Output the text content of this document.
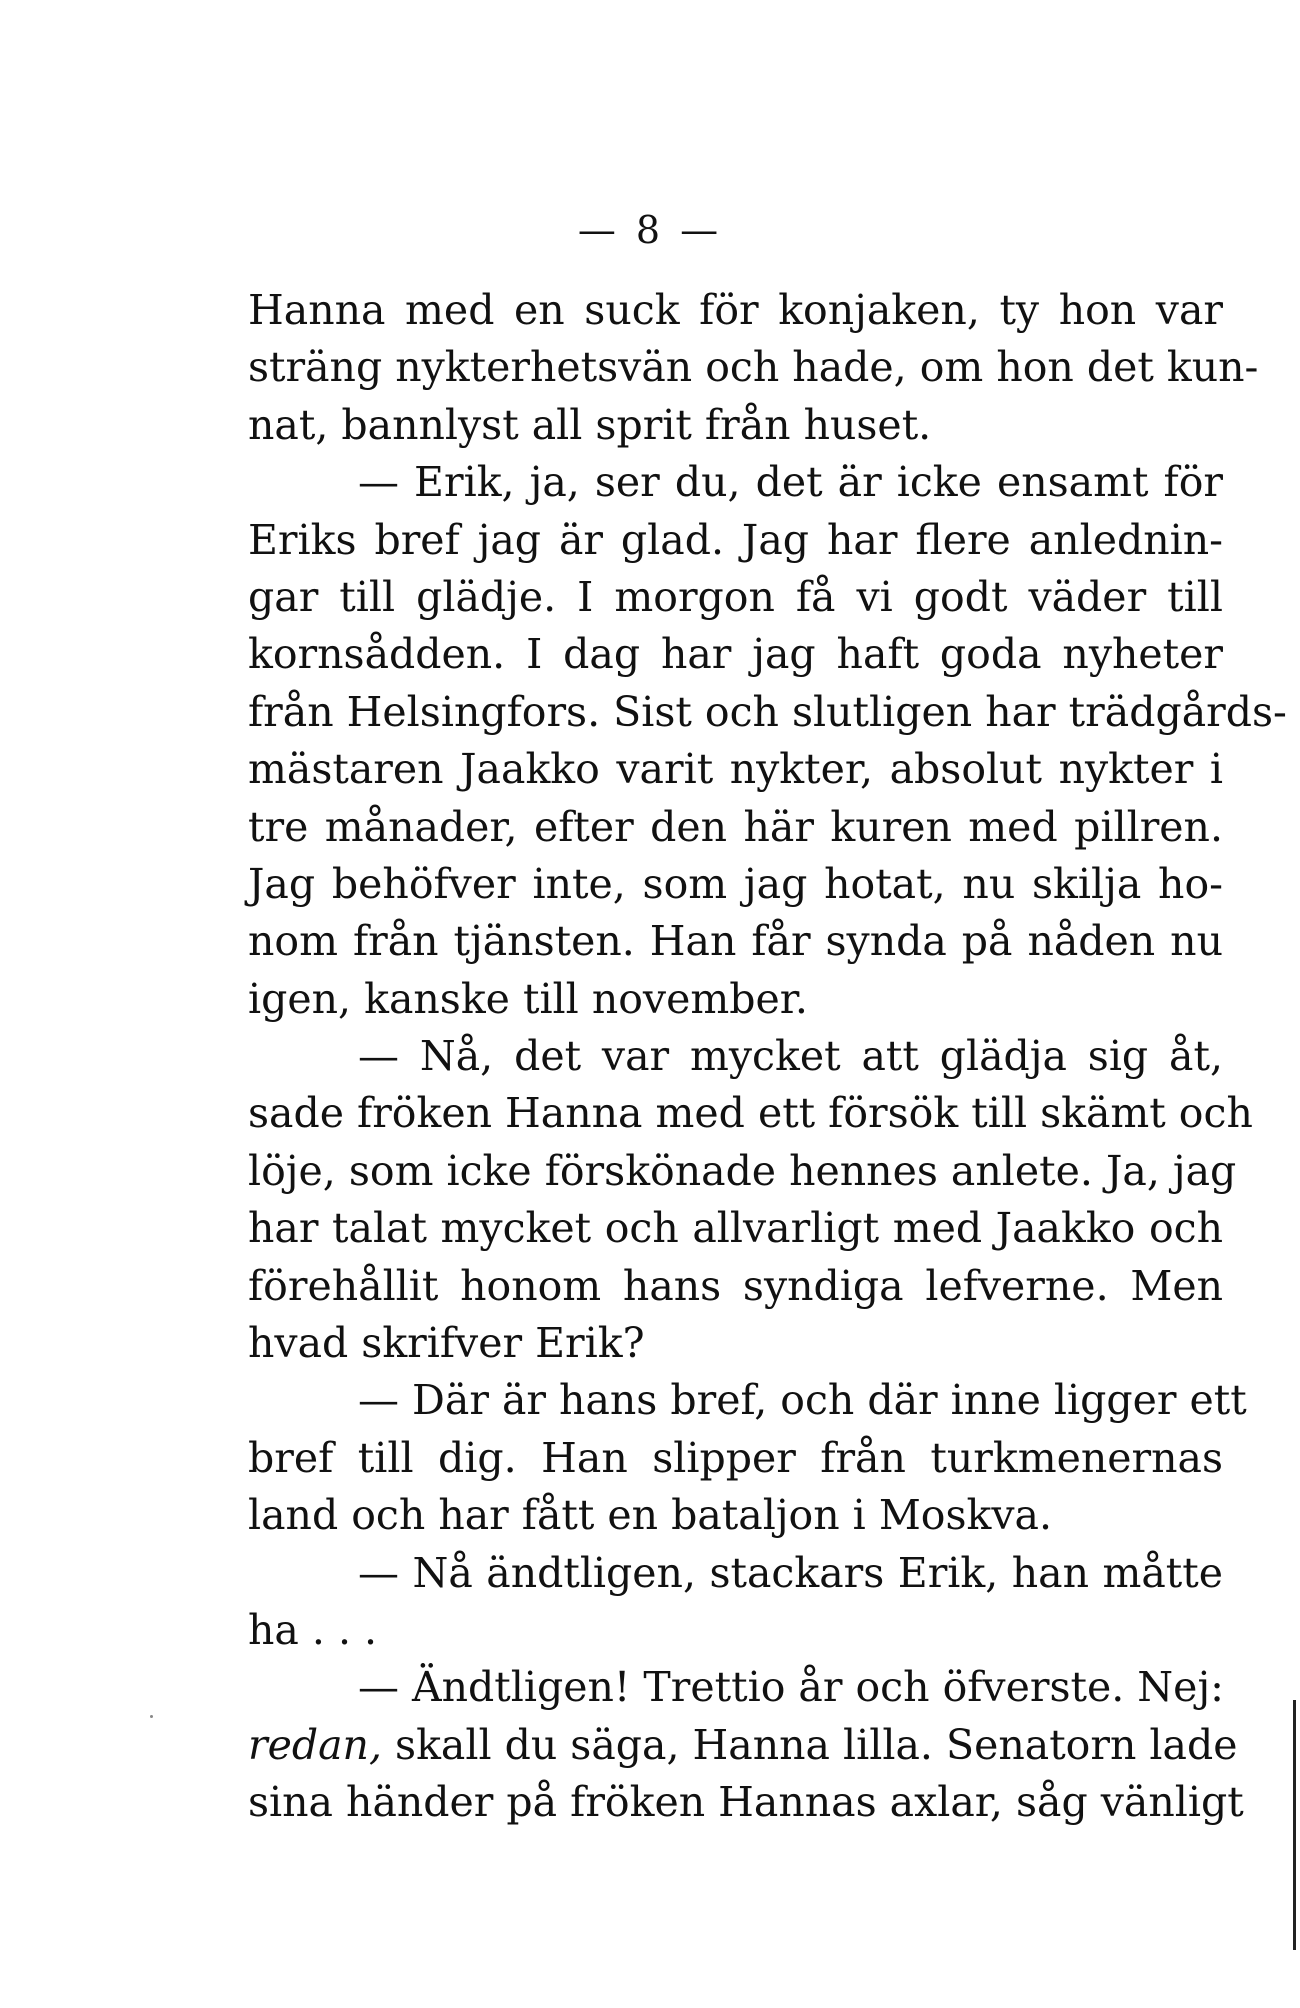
— 8 —
Hanna med en suck för konjaken, ty hon var
sträng nykterhetsvän och hade, om hon det kun-
nat, bannlyst all sprit från huset.
— Erik, ja, ser du, det är icke ensamt för
Eriks bref jag är glad. Jag har flere anlednin-
gar till glädje. I morgon få vi godt väder till
kornsådden. I dag har jag haft goda nyheter
från Helsingfors. Sist och slutligen har trädgårds-
mästaren Jaakko varit nykter, absolut nykter i
tre månader, efter den här kuren med pillren.
Jag behöfver inte, som jag hotat, nu skilja ho-
nom från tjänsten. Han får synda på nåden nu
igen, kanske till november.
— Nå, det var mycket att glädja sig åt,
sade fröken Hanna med ett försök till skämt och
löje, som icke förskönade hennes anlete. Ja, jag
har talat mycket och allvarligt med Jaakko och
förehållit honom hans syndiga lefverne. Men
hvad skrifver Erik?
— Där är hans bref, och där inne ligger ett
bref till dig. Han slipper från turkmenernas
land och har fått en bataljon i Moskva.
— Nå ändtligen, stackars Erik, han måtte
ha . . .
— Ändtligen! Trettio år och öfverste. Nej:
redan, skall du säga, Hanna lilla. Senatorn lade
sina händer på fröken Hannas axlar, såg vänligt
